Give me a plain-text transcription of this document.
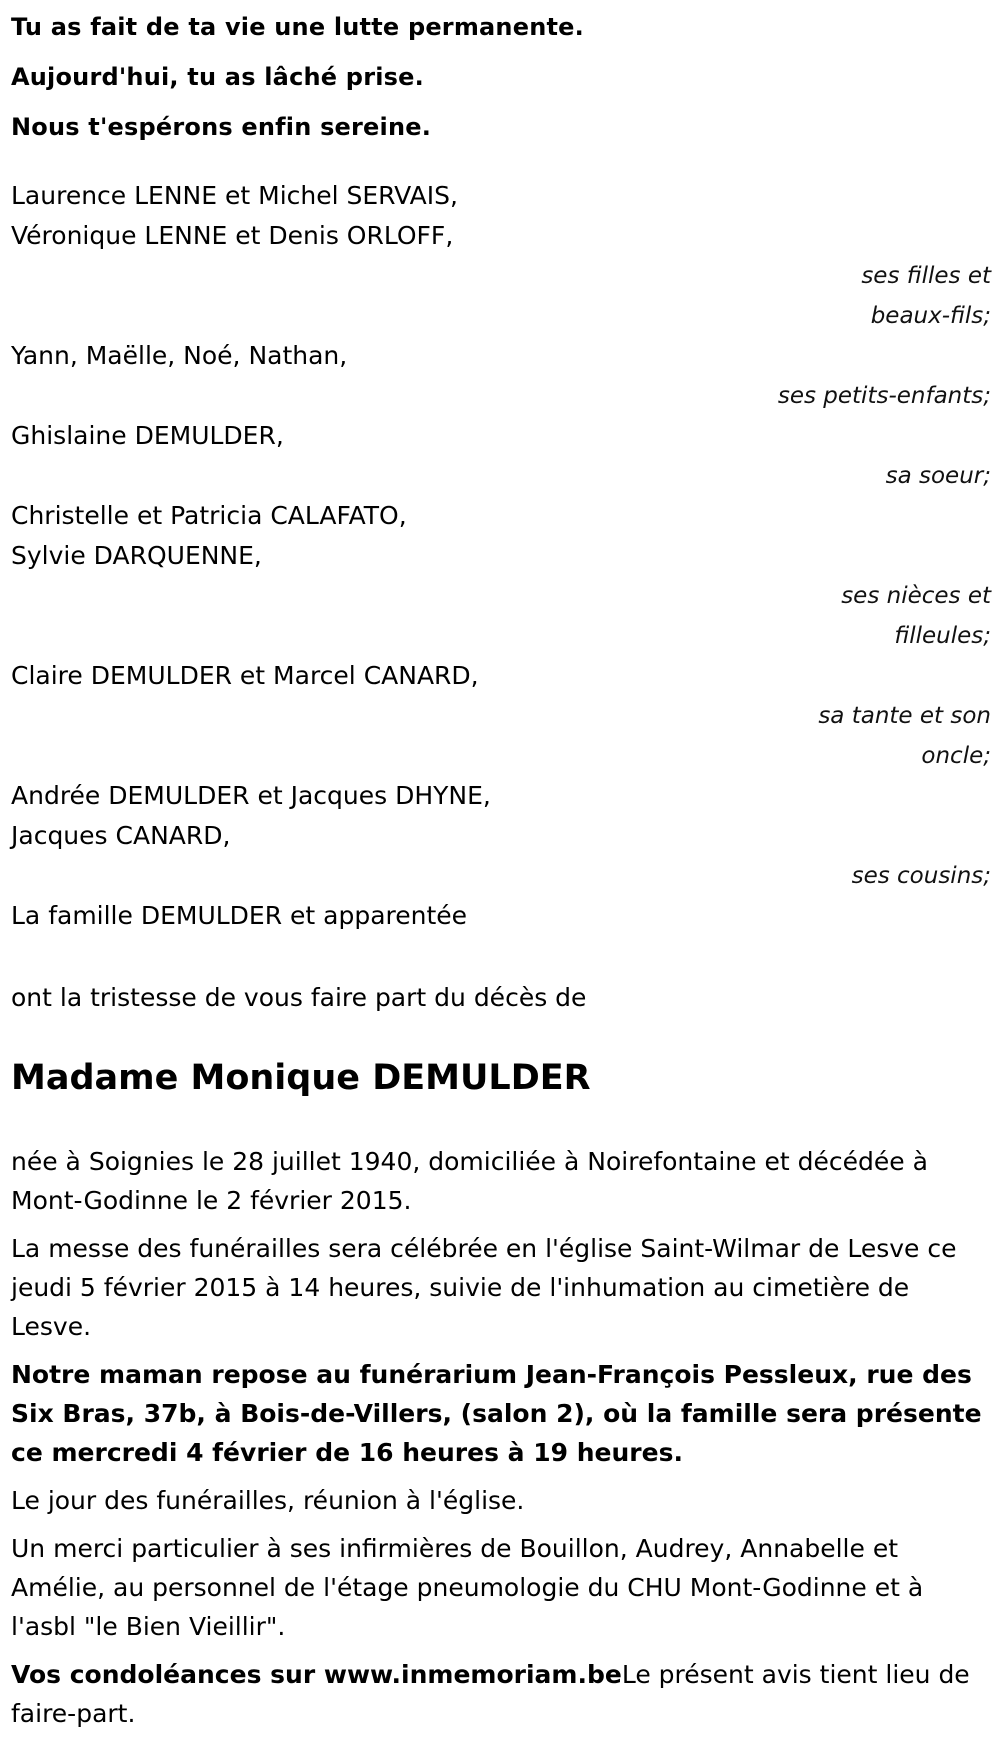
Tu as fait de ta vie une lutte permanente.

Aujourd'hui, tu as lâché prise.

Nous t'espérons enfin sereine.

Laurence LENNE et Michel SERVAIS,
Véronique LENNE et Denis ORLOFF,
ses filles et
beaux-fils;
Yann, Maëlle, Noé, Nathan,
ses petits-enfants;
Ghislaine DEMULDER,
sa soeur;
Christelle et Patricia CALAFATO,
Sylvie DARQUENNE,
ses nièces et
filleules;
Claire DEMULDER et Marcel CANARD,
sa tante et son
oncle;
Andrée DEMULDER et Jacques DHYNE,
Jacques CANARD,
ses cousins;
La famille DEMULDER et apparentée
ont la tristesse de vous faire part du décès de
Madame Monique DEMULDER

née à Soignies le 28 juillet 1940, domiciliée à Noirefontaine et décédée à Mont-Godinne le 2 février 2015.

La messe des funérailles sera célébrée en l'église Saint-Wilmar de Lesve ce jeudi 5 février 2015 à 14 heures, suivie de l'inhumation au cimetière de Lesve.

Notre maman repose au funérarium Jean-François Pessleux, rue des Six Bras, 37b, à Bois-de-Villers, (salon 2), où la famille sera présente ce mercredi 4 février de 16 heures à 19 heures.

Le jour des funérailles, réunion à l'église.

Un merci particulier à ses infirmières de Bouillon, Audrey, Annabelle et Amélie, au personnel de l'étage pneumologie du CHU Mont-Godinne et à l'asbl "le Bien Vieillir".

Vos condoléances sur www.inmemoriam.beLe présent avis tient lieu de faire-part.
